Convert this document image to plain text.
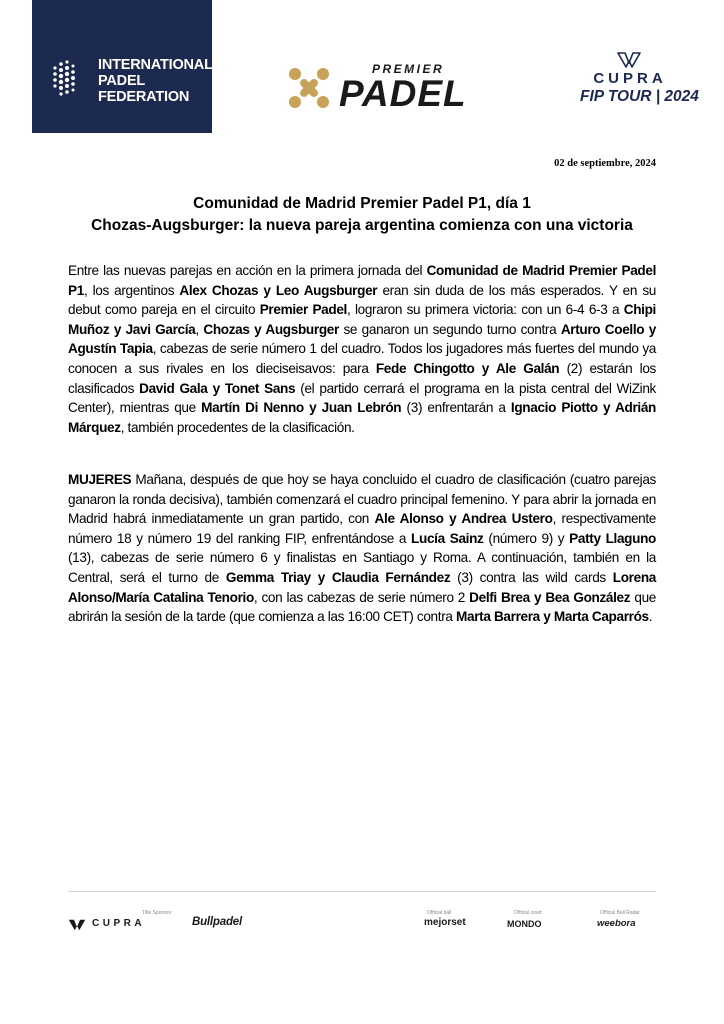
INTERNATIONAL
PADEL
FEDERATION
PREMIER
PADEL	CUPRA
FIP TOUR | 2024
02 de septiembre, 2024
Comunidad de Madrid Premier Padel P1, día 1
Chozas-Augsburger: la nueva pareja argentina comienza con una victoria
Entre las nuevas parejas en acción en la primera jornada del Comunidad de Madrid Premier Padel P1, los argentinos Alex Chozas y Leo Augsburger eran sin duda de los más esperados. Y en su debut como pareja en el circuito Premier Padel, lograron su primera victoria: con un 6-4 6-3 a Chipi Muñoz y Javi García, Chozas y Augsburger se ganaron un segundo turno contra Arturo Coello y Agustín Tapia, cabezas de serie número 1 del cuadro. Todos los jugadores más fuertes del mundo ya conocen a sus rivales en los dieciseisavos: para Fede Chingotto y Ale Galán (2) estarán los clasificados David Gala y Tonet Sans (el partido cerrará el programa en la pista central del WiZink Center), mientras que Martín Di Nenno y Juan Lebrón (3) enfrentarán a Ignacio Piotto y Adrián Márquez, también procedentes de la clasificación.
MUJERES Mañana, después de que hoy se haya concluido el cuadro de clasificación (cuatro parejas ganaron la ronda decisiva), también comenzará el cuadro principal femenino. Y para abrir la jornada en Madrid habrá inmediatamente un gran partido, con Ale Alonso y Andrea Ustero, respectivamente número 18 y número 19 del ranking FIP, enfrentándose a Lucía Sainz (número 9) y Patty Llaguno (13), cabezas de serie número 6 y finalistas en Santiago y Roma. A continuación, también en la Central, será el turno de Gemma Triay y Claudia Fernández (3) contra las wild cards Lorena Alonso/María Catalina Tenorio, con las cabezas de serie número 2 Delfi Brea y Bea González que abrirán la sesión de la tarde (que comienza a las 16:00 CET) contra Marta Barrera y Marta Caparrós.
Title Sponsor	Official ball	Official court	Official Ball Radar
CUPRA	Bullpadel	mejorset	MONDO	weebora
